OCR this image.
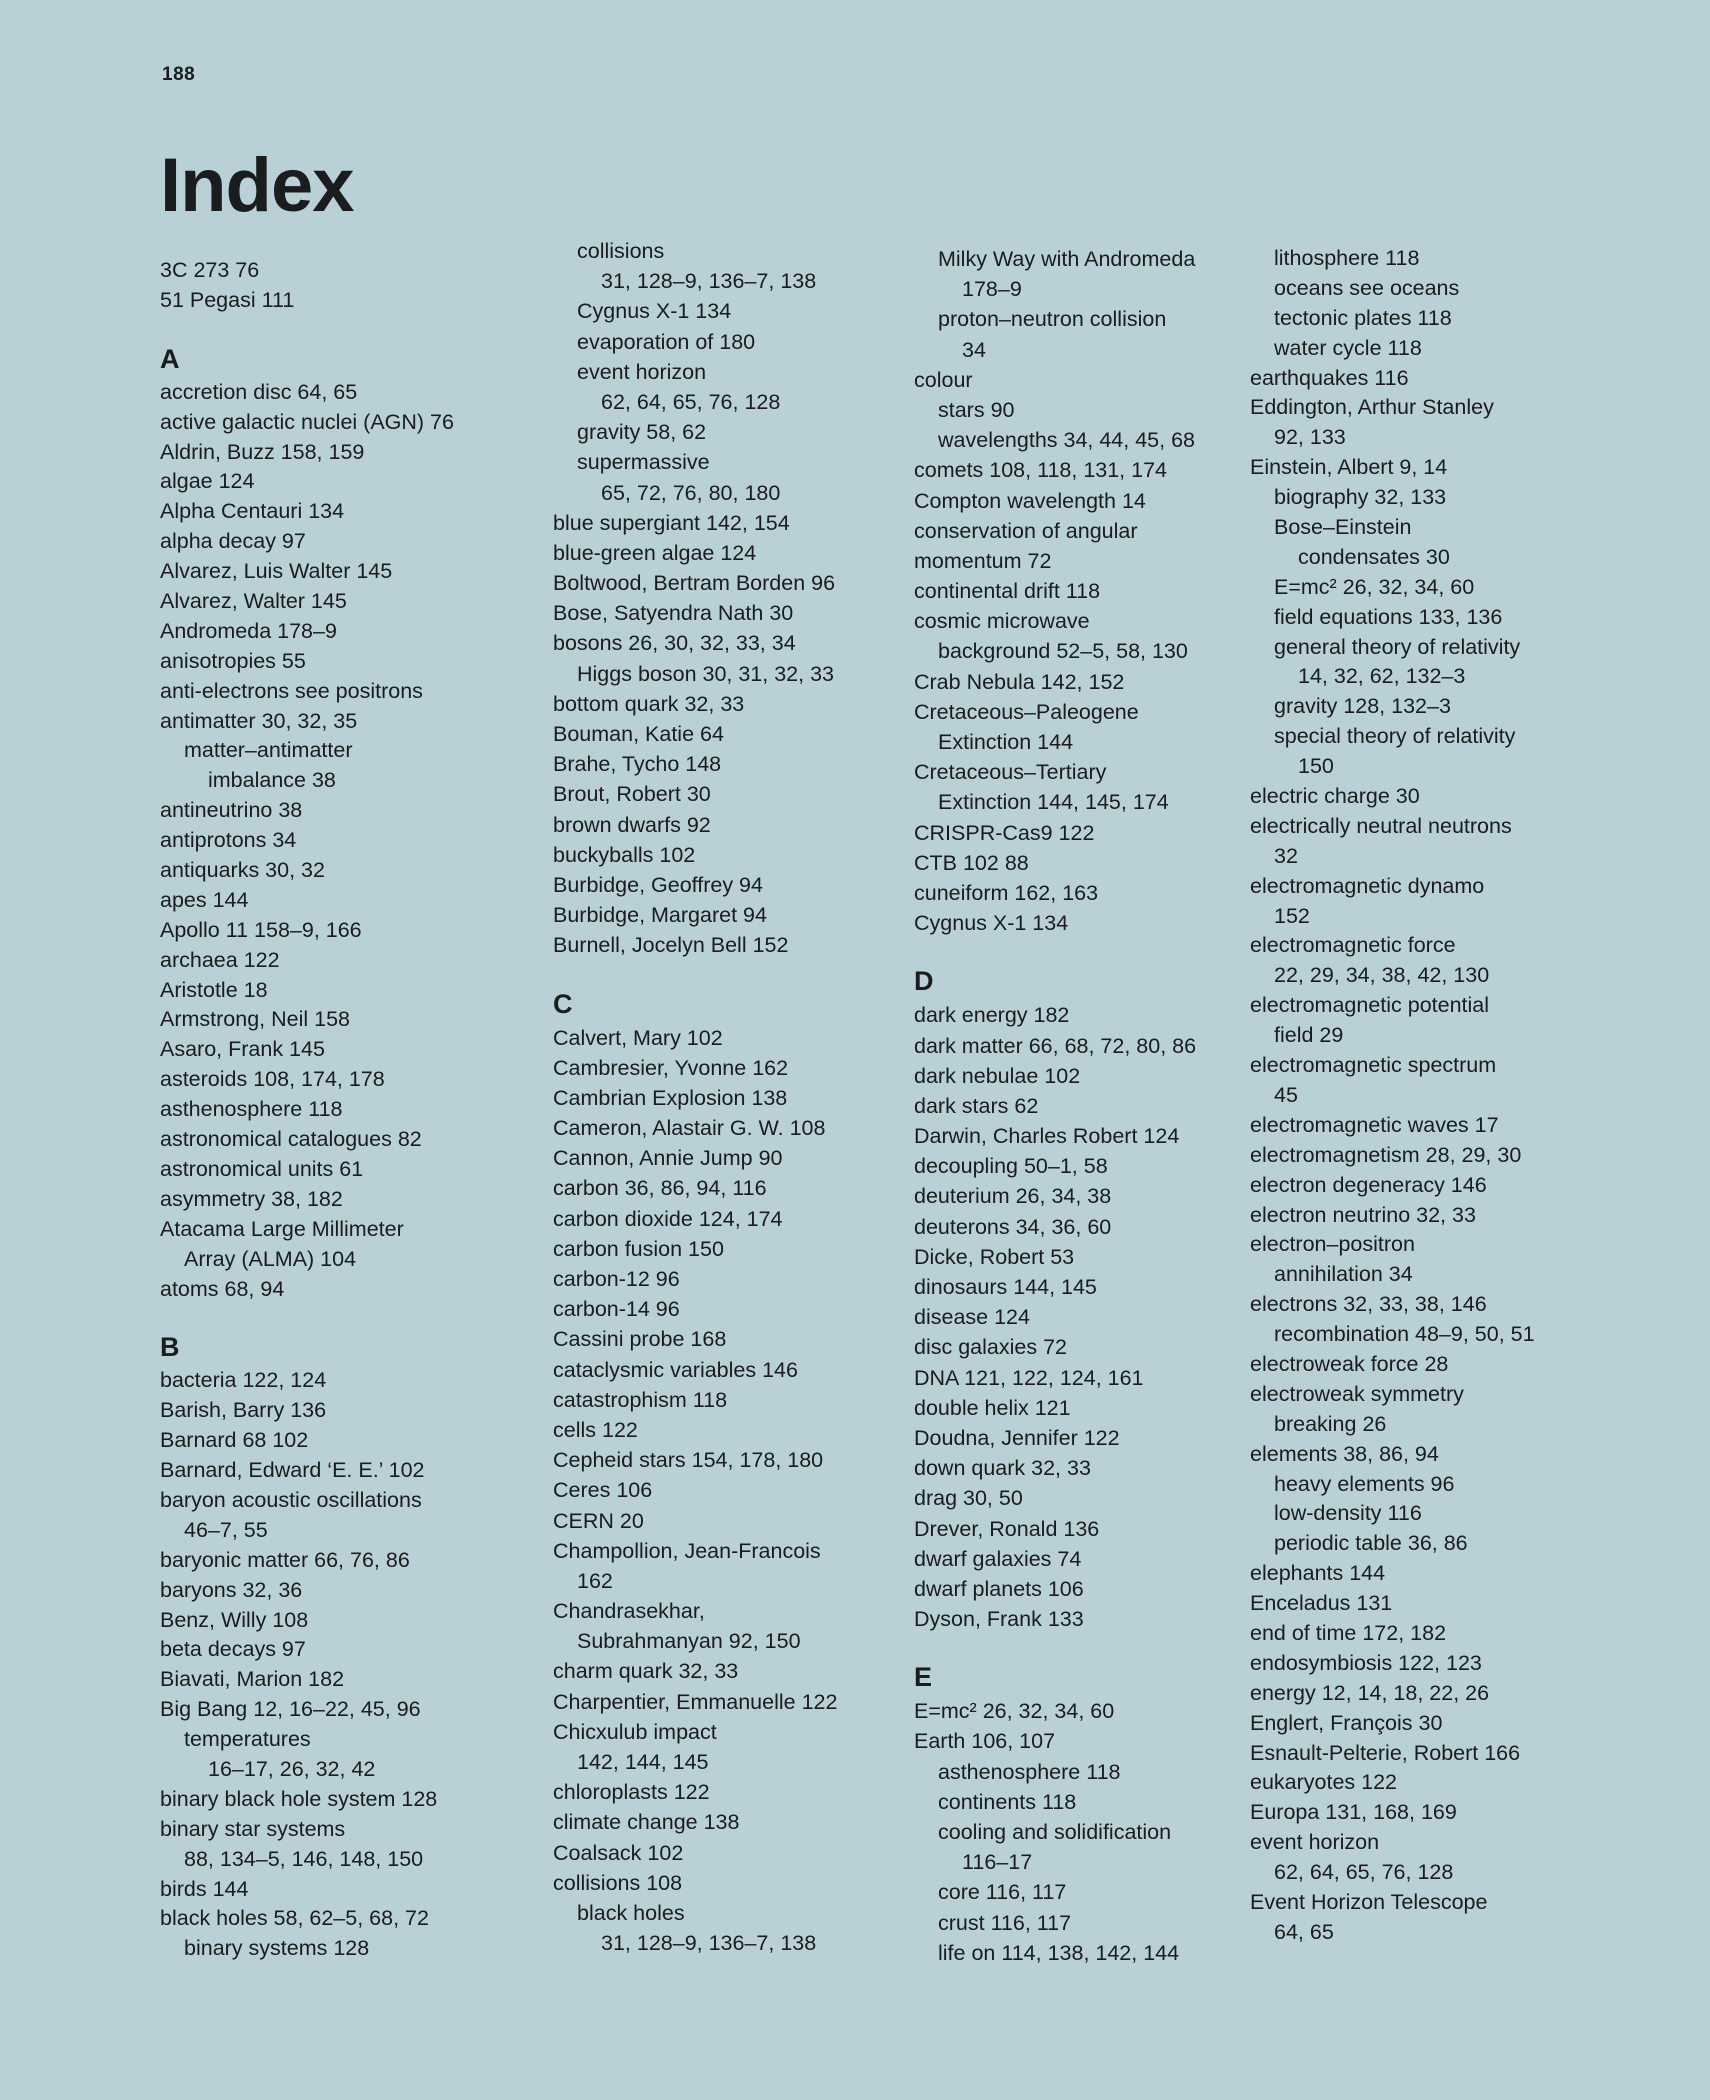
188
Index
3C 273 76
51 Pegasi 111
A
accretion disc 64, 65
active galactic nuclei (AGN) 76
Aldrin, Buzz 158, 159
algae 124
Alpha Centauri 134
alpha decay 97
Alvarez, Luis Walter 145
Alvarez, Walter 145
Andromeda 178–9
anisotropies 55
anti-electrons see positrons
antimatter 30, 32, 35
matter–antimatter
imbalance 38
antineutrino 38
antiprotons 34
antiquarks 30, 32
apes 144
Apollo 11 158–9, 166
archaea 122
Aristotle 18
Armstrong, Neil 158
Asaro, Frank 145
asteroids 108, 174, 178
asthenosphere 118
astronomical catalogues 82
astronomical units 61
asymmetry 38, 182
Atacama Large Millimeter
Array (ALMA) 104
atoms 68, 94
B
bacteria 122, 124
Barish, Barry 136
Barnard 68 102
Barnard, Edward ‘E. E.’ 102
baryon acoustic oscillations
46–7, 55
baryonic matter 66, 76, 86
baryons 32, 36
Benz, Willy 108
beta decays 97
Biavati, Marion 182
Big Bang 12, 16–22, 45, 96
temperatures
16–17, 26, 32, 42
binary black hole system 128
binary star systems
88, 134–5, 146, 148, 150
birds 144
black holes 58, 62–5, 68, 72
binary systems 128
collisions
31, 128–9, 136–7, 138
Cygnus X-1 134
evaporation of 180
event horizon
62, 64, 65, 76, 128
gravity 58, 62
supermassive
65, 72, 76, 80, 180
blue supergiant 142, 154
blue-green algae 124
Boltwood, Bertram Borden 96
Bose, Satyendra Nath 30
bosons 26, 30, 32, 33, 34
Higgs boson 30, 31, 32, 33
bottom quark 32, 33
Bouman, Katie 64
Brahe, Tycho 148
Brout, Robert 30
brown dwarfs 92
buckyballs 102
Burbidge, Geoffrey 94
Burbidge, Margaret 94
Burnell, Jocelyn Bell 152
C
Calvert, Mary 102
Cambresier, Yvonne 162
Cambrian Explosion 138
Cameron, Alastair G. W. 108
Cannon, Annie Jump 90
carbon 36, 86, 94, 116
carbon dioxide 124, 174
carbon fusion 150
carbon-12 96
carbon-14 96
Cassini probe 168
cataclysmic variables 146
catastrophism 118
cells 122
Cepheid stars 154, 178, 180
Ceres 106
CERN 20
Champollion, Jean-Francois
162
Chandrasekhar,
Subrahmanyan 92, 150
charm quark 32, 33
Charpentier, Emmanuelle 122
Chicxulub impact
142, 144, 145
chloroplasts 122
climate change 138
Coalsack 102
collisions 108
black holes
31, 128–9, 136–7, 138
Milky Way with Andromeda
178–9
proton–neutron collision
34
colour
stars 90
wavelengths 34, 44, 45, 68
comets 108, 118, 131, 174
Compton wavelength 14
conservation of angular
momentum 72
continental drift 118
cosmic microwave
background 52–5, 58, 130
Crab Nebula 142, 152
Cretaceous–Paleogene
Extinction 144
Cretaceous–Tertiary
Extinction 144, 145, 174
CRISPR-Cas9 122
CTB 102 88
cuneiform 162, 163
Cygnus X-1 134
D
dark energy 182
dark matter 66, 68, 72, 80, 86
dark nebulae 102
dark stars 62
Darwin, Charles Robert 124
decoupling 50–1, 58
deuterium 26, 34, 38
deuterons 34, 36, 60
Dicke, Robert 53
dinosaurs 144, 145
disease 124
disc galaxies 72
DNA 121, 122, 124, 161
double helix 121
Doudna, Jennifer 122
down quark 32, 33
drag 30, 50
Drever, Ronald 136
dwarf galaxies 74
dwarf planets 106
Dyson, Frank 133
E
E=mc² 26, 32, 34, 60
Earth 106, 107
asthenosphere 118
continents 118
cooling and solidification
116–17
core 116, 117
crust 116, 117
life on 114, 138, 142, 144
lithosphere 118
oceans see oceans
tectonic plates 118
water cycle 118
earthquakes 116
Eddington, Arthur Stanley
92, 133
Einstein, Albert 9, 14
biography 32, 133
Bose–Einstein
condensates 30
E=mc² 26, 32, 34, 60
field equations 133, 136
general theory of relativity
14, 32, 62, 132–3
gravity 128, 132–3
special theory of relativity
150
electric charge 30
electrically neutral neutrons
32
electromagnetic dynamo
152
electromagnetic force
22, 29, 34, 38, 42, 130
electromagnetic potential
field 29
electromagnetic spectrum
45
electromagnetic waves 17
electromagnetism 28, 29, 30
electron degeneracy 146
electron neutrino 32, 33
electron–positron
annihilation 34
electrons 32, 33, 38, 146
recombination 48–9, 50, 51
electroweak force 28
electroweak symmetry
breaking 26
elements 38, 86, 94
heavy elements 96
low-density 116
periodic table 36, 86
elephants 144
Enceladus 131
end of time 172, 182
endosymbiosis 122, 123
energy 12, 14, 18, 22, 26
Englert, François 30
Esnault-Pelterie, Robert 166
eukaryotes 122
Europa 131, 168, 169
event horizon
62, 64, 65, 76, 128
Event Horizon Telescope
64, 65
